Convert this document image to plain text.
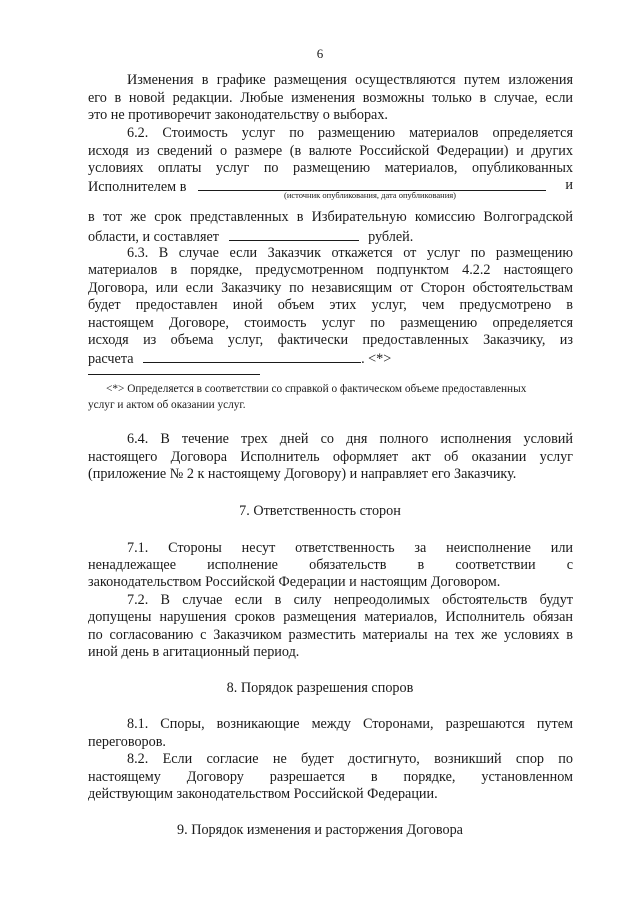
6

Изменения в графике размещения осуществляются путем изложения

его в новой редакции. Любые изменения возможны только в случае, если

это не противоречит законодательству о выборах.

6.2. Стоимость услуг по размещению материалов определяется

исходя из сведений о размере (в валюте Российской Федерации) и других

условиях оплаты услуг по размещению материалов, опубликованных

Исполнителем в	и
(источник опубликования, дата опубликования)

в тот же срок представленных в Избирательную комиссию Волгоградской

области, и составляет	рублей.

6.3. В случае если Заказчик откажется от услуг по размещению

материалов в порядке, предусмотренном подпунктом 4.2.2 настоящего

Договора, или если Заказчику по независящим от Сторон обстоятельствам

будет предоставлен иной объем этих услуг, чем предусмотрено в

настоящем Договоре, стоимость услуг по размещению определяется

исходя из объема услуг, фактически предоставленных Заказчику, из

расчета	. <*>
<*> Определяется в соответствии со справкой о фактическом объеме предоставленных
услуг и актом об оказании услуг.

6.4. В течение трех дней со дня полного исполнения условий

настоящего Договора Исполнитель оформляет акт об оказании услуг

(приложение № 2 к настоящему Договору) и направляет его Заказчику.

7. Ответственность сторон

7.1. Стороны несут ответственность за неисполнение или

ненадлежащее исполнение обязательств в соответствии с

законодательством Российской Федерации и настоящим Договором.

7.2. В случае если в силу непреодолимых обстоятельств будут

допущены нарушения сроков размещения материалов, Исполнитель обязан

по согласованию с Заказчиком разместить материалы на тех же условиях в

иной день в агитационный период.

8. Порядок разрешения споров

8.1. Споры, возникающие между Сторонами, разрешаются путем

переговоров.

8.2. Если согласие не будет достигнуто, возникший спор по

настоящему Договору разрешается в порядке, установленном

действующим законодательством Российской Федерации.

9. Порядок изменения и расторжения Договора
